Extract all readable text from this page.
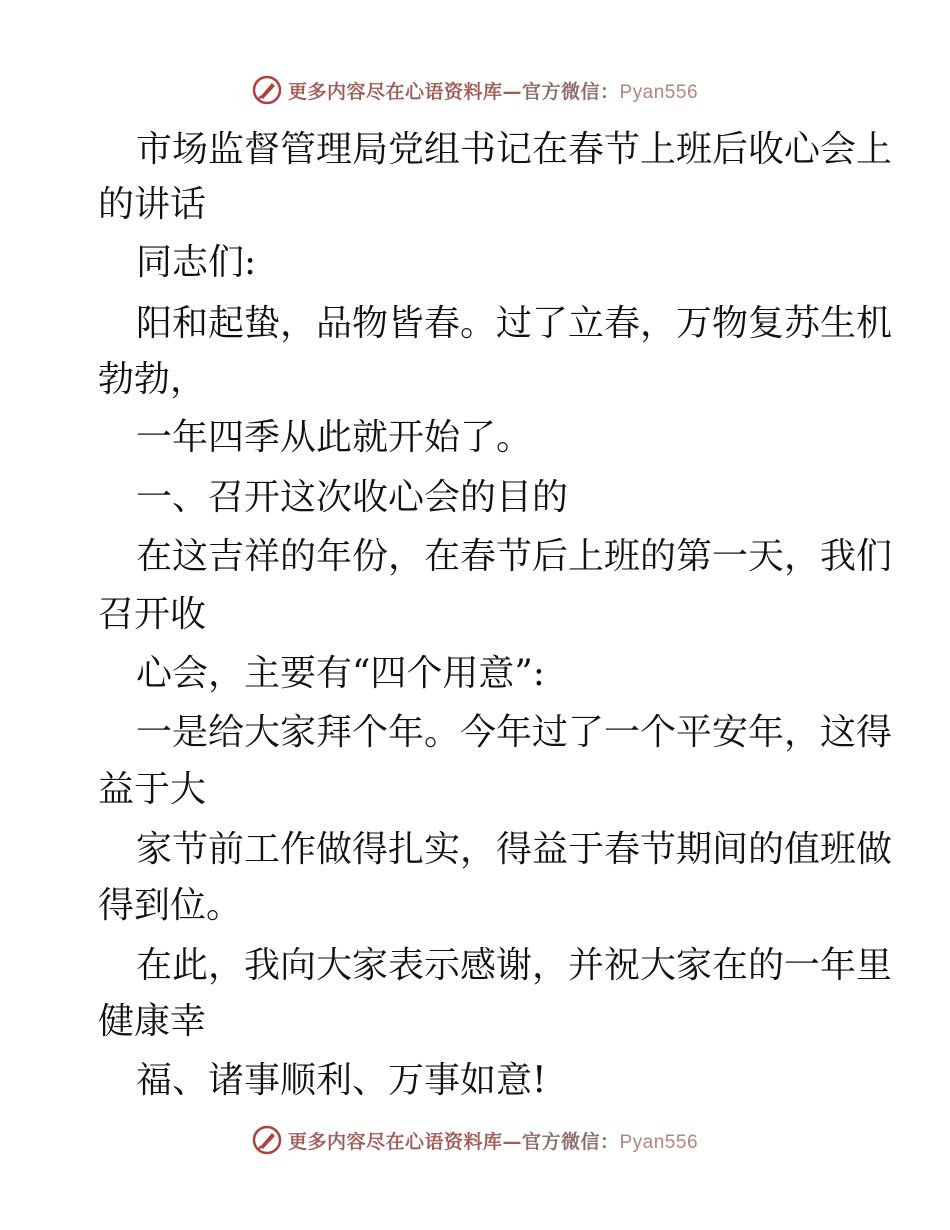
更多内容尽在心语资料库—官方微信：Pyan556
市场监督管理局党组书记在春节上班后收心会上
的讲话
同志们:
阳和起蛰，品物皆春。过了立春，万物复苏生机
勃勃，
一年四季从此就开始了。
一、召开这次收心会的目的
在这吉祥的年份，在春节后上班的第一天，我们
召开收
心会，主要有“四个用意”:
一是给大家拜个年。今年过了一个平安年，这得
益于大
家节前工作做得扎实，得益于春节期间的值班做
得到位。
在此，我向大家表示感谢，并祝大家在的一年里
健康幸
福、诸事顺利、万事如意!
更多内容尽在心语资料库—官方微信：Pyan556
